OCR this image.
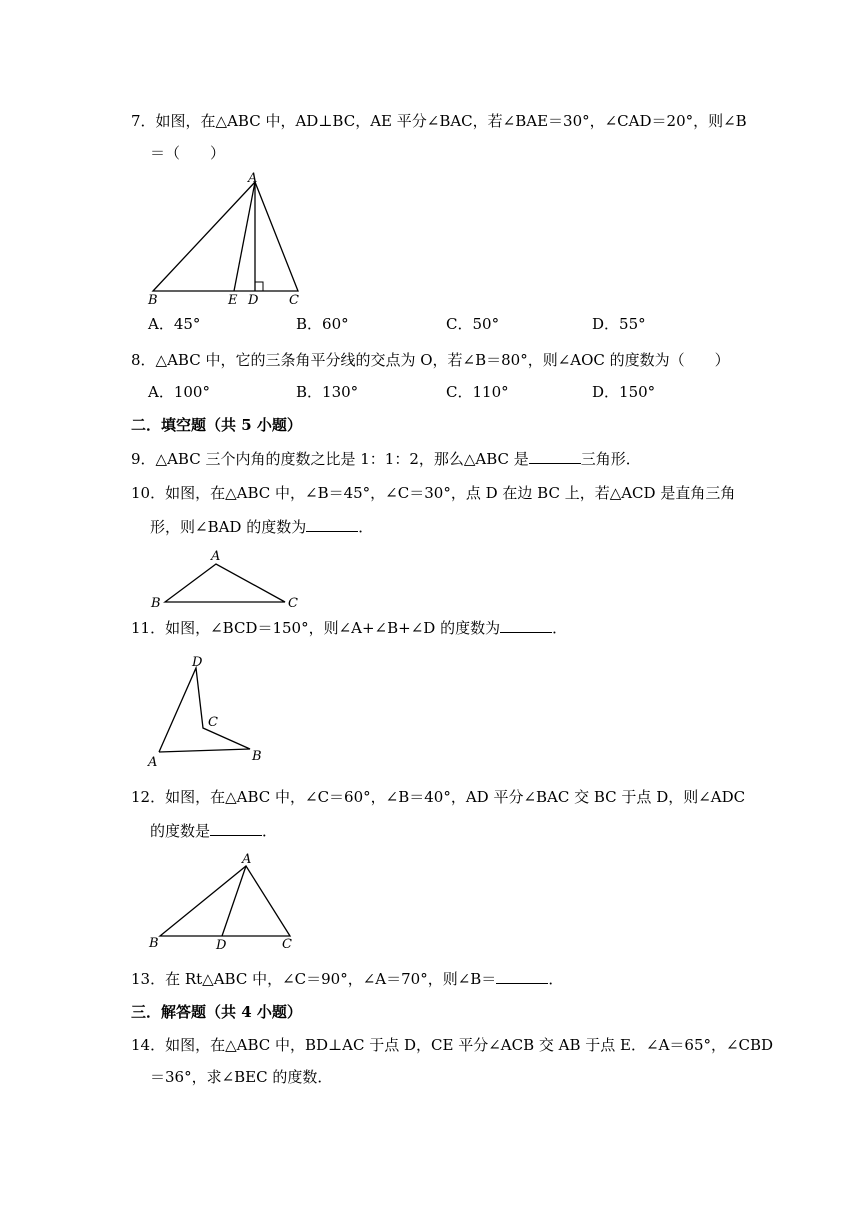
7．如图，在△ABC 中，AD⊥BC，AE 平分∠BAC，若∠BAE＝30°，∠CAD＝20°，则∠B
＝（　　）
A
B	E D C
A．45°	B．60°	C．50°	D．55°
8．△ABC 中，它的三条角平分线的交点为 O，若∠B＝80°，则∠AOC 的度数为（　　）
A．100°	B．130°	C．110°	D．150°
二．填空题（共 5 小题）
9．△ABC 三个内角的度数之比是 1：1：2，那么△ABC 是	三角形．
10．如图，在△ABC 中，∠B＝45°，∠C＝30°，点 D 在边 BC 上，若△ACD 是直角三角
形，则∠BAD 的度数为	．
A
B	C
11．如图，∠BCD＝150°，则∠A+∠B+∠D 的度数为	．
D
C
A	B
12．如图，在△ABC 中，∠C＝60°，∠B＝40°，AD 平分∠BAC 交 BC 于点 D，则∠ADC
的度数是	．
A
B	D	C
13．在 Rt△ABC 中，∠C＝90°，∠A＝70°，则∠B＝	．
三．解答题（共 4 小题）
14．如图，在△ABC 中，BD⊥AC 于点 D，CE 平分∠ACB 交 AB 于点 E．∠A＝65°，∠CBD
＝36°，求∠BEC 的度数．
